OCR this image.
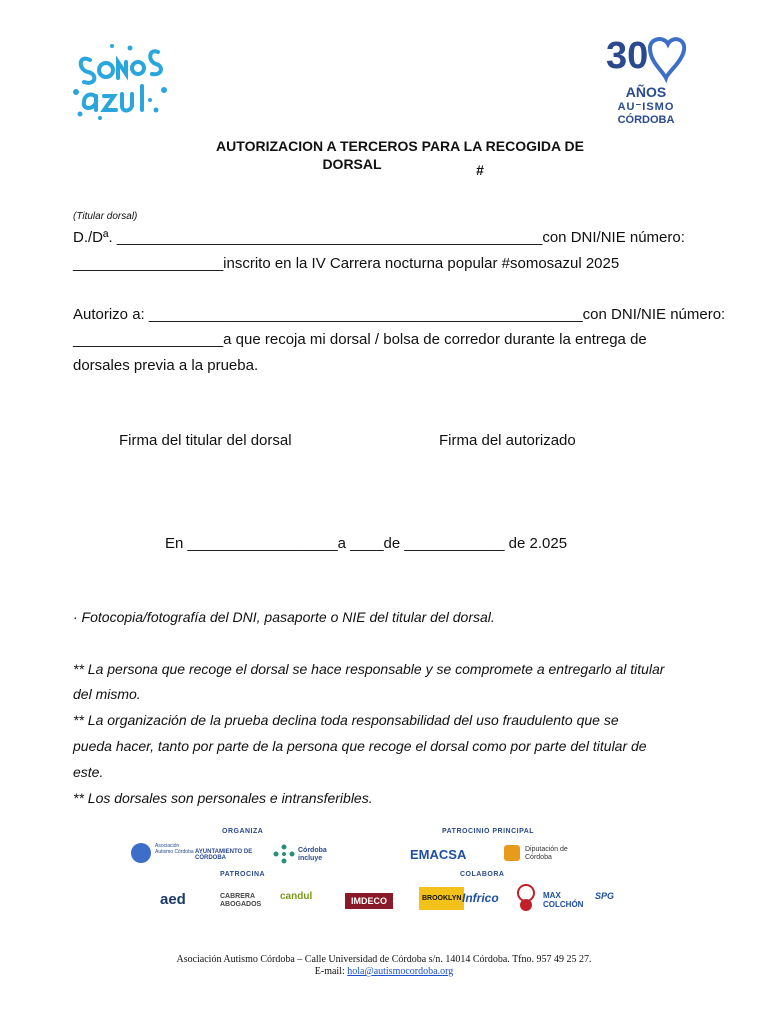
30
AÑOS
AU⁻ISMO
CÓRDOBA
AUTORIZACION A TERCEROS PARA LA RECOGIDA DE
DORSAL	#
(Titular dorsal)
D./Dª. ___________________________________________________con DNI/NIE número:
__________________inscrito en la IV Carrera nocturna popular #somosazul 2025
Autorizo a: ____________________________________________________con DNI/NIE número:
__________________a que recoja mi dorsal / bolsa de corredor durante la entrega de
dorsales previa a la prueba.
Firma del titular del dorsal	Firma del autorizado
En __________________a ____de ____________ de 2.025
· Fotocopia/fotografía del DNI, pasaporte o NIE del titular del dorsal.
** La persona que recoge el dorsal se hace responsable y se compromete a entregarlo al titular
del mismo.
** La organización de la prueba declina toda responsabilidad del uso fraudulento que se
pueda hacer, tanto por parte de la persona que recoge el dorsal como por parte del titular de
este.
** Los dorsales son personales e intransferibles.
ORGANIZA	PATROCINIO PRINCIPAL
Asociación Autismo Córdoba AYUNTAMIENTO DE CÓRDOBA
Córdoba incluye	EMACSA	Diputación de Córdoba
PATROCINA	COLABORA
aed	CABRERA ABOGADOS
candul	IMDECO	BROOKLYN Infrico	MAX COLCHÓN
SPG
Asociación Autismo Córdoba – Calle Universidad de Córdoba s/n. 14014 Córdoba. Tfno. 957 49 25 27.
E-mail: hola@autismocordoba.org
